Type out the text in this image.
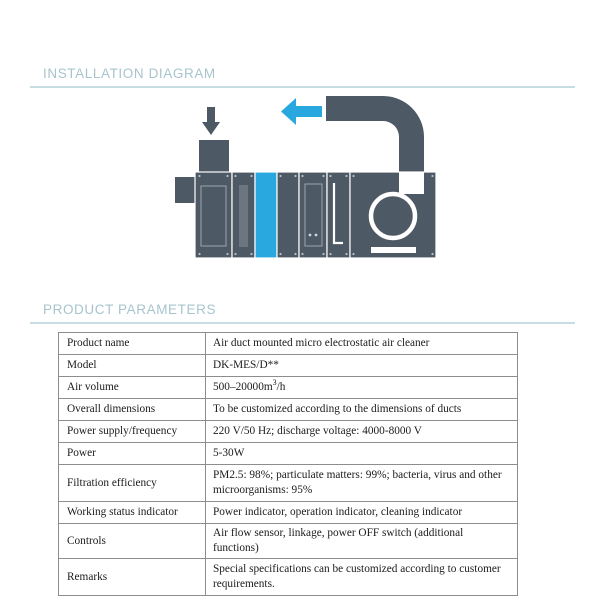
INSTALLATION DIAGRAM
PRODUCT PARAMETERS
Product name	Air duct mounted micro electrostatic air cleaner
Model	DK-MES/D**
Air volume	$500-20000m^3/h$
Overall dimensions	To be customized according to the dimensions of ducts
Power supply/frequency	220 V/50 Hz; discharge voltage: 4000-8000 V
Power	5-30W
Filtration efficiency	PM2.5: 98%; particulate matters: 99%; bacteria, virus and other microorganisms: 95%
Working status indicator	Power indicator, operation indicator, cleaning indicator
Controls	Air flow sensor, linkage, power OFF switch (additional functions)
Remarks	Special specifications can be customized according to customer requirements.
